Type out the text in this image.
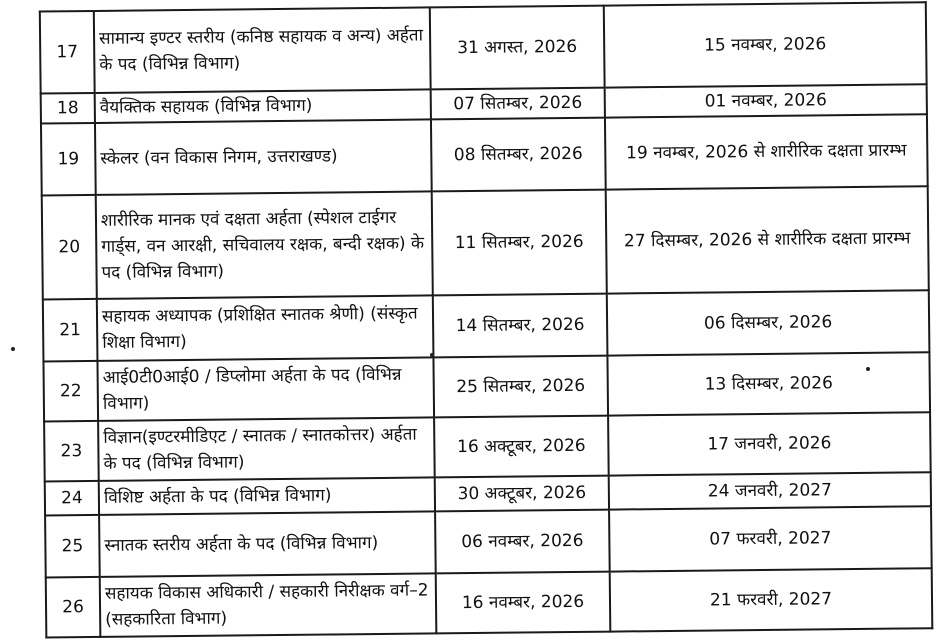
17	सामान्य इण्टर स्तरीय (कनिष्ठ सहायक व अन्य) अर्हता के पद (विभिन्न विभाग)	31 अगस्त, 2026	15 नवम्बर, 2026
18	वैयक्तिक सहायक (विभिन्न विभाग)	07 सितम्बर, 2026	01 नवम्बर, 2026
19	स्केलर (वन विकास निगम, उत्तराखण्ड)	08 सितम्बर, 2026	19 नवम्बर, 2026 से शारीरिक दक्षता प्रारम्भ
20	शारीरिक मानक एवं दक्षता अर्हता (स्पेशल टाईगर गार्ड्स, वन आरक्षी, सचिवालय रक्षक, बन्दी रक्षक) के पद (विभिन्न विभाग)	11 सितम्बर, 2026	27 दिसम्बर, 2026 से शारीरिक दक्षता प्रारम्भ
21	सहायक अध्यापक (प्रशिक्षित स्नातक श्रेणी) (संस्कृत शिक्षा विभाग)	14 सितम्बर, 2026	06 दिसम्बर, 2026
22	आई0टी0आई0 / डिप्लोमा अर्हता के पद (विभिन्न विभाग)	25 सितम्बर, 2026	13 दिसम्बर, 2026
23	विज्ञान(इण्टरमीडिएट / स्नातक / स्नातकोत्तर) अर्हता के पद (विभिन्न विभाग)	16 अक्टूबर, 2026	17 जनवरी, 2026
24	विशिष्ट अर्हता के पद (विभिन्न विभाग)	30 अक्टूबर, 2026	24 जनवरी, 2027
25	स्नातक स्तरीय अर्हता के पद (विभिन्न विभाग)	06 नवम्बर, 2026	07 फरवरी, 2027
26	सहायक विकास अधिकारी / सहकारी निरीक्षक वर्ग–2 (सहकारिता विभाग)	16 नवम्बर, 2026	21 फरवरी, 2027
